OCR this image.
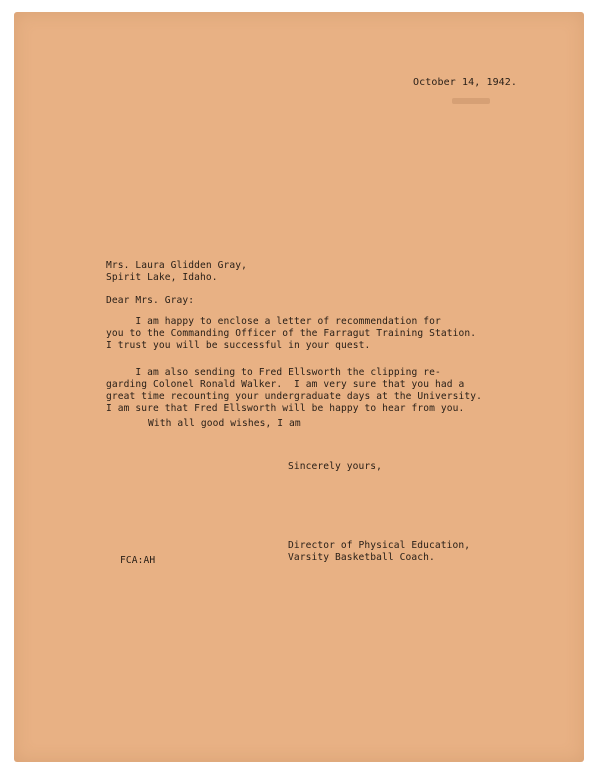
October 14, 1942.
Mrs. Laura Glidden Gray,
Spirit Lake, Idaho.
Dear Mrs. Gray:
I am happy to enclose a letter of recommendation for
you to the Commanding Officer of the Farragut Training Station.
I trust you will be successful in your quest.
I am also sending to Fred Ellsworth the clipping re-
garding Colonel Ronald Walker.  I am very sure that you had a
great time recounting your undergraduate days at the University.
I am sure that Fred Ellsworth will be happy to hear from you.
With all good wishes, I am
Sincerely yours,
Director of Physical Education,
Varsity Basketball Coach.
FCA:AH
